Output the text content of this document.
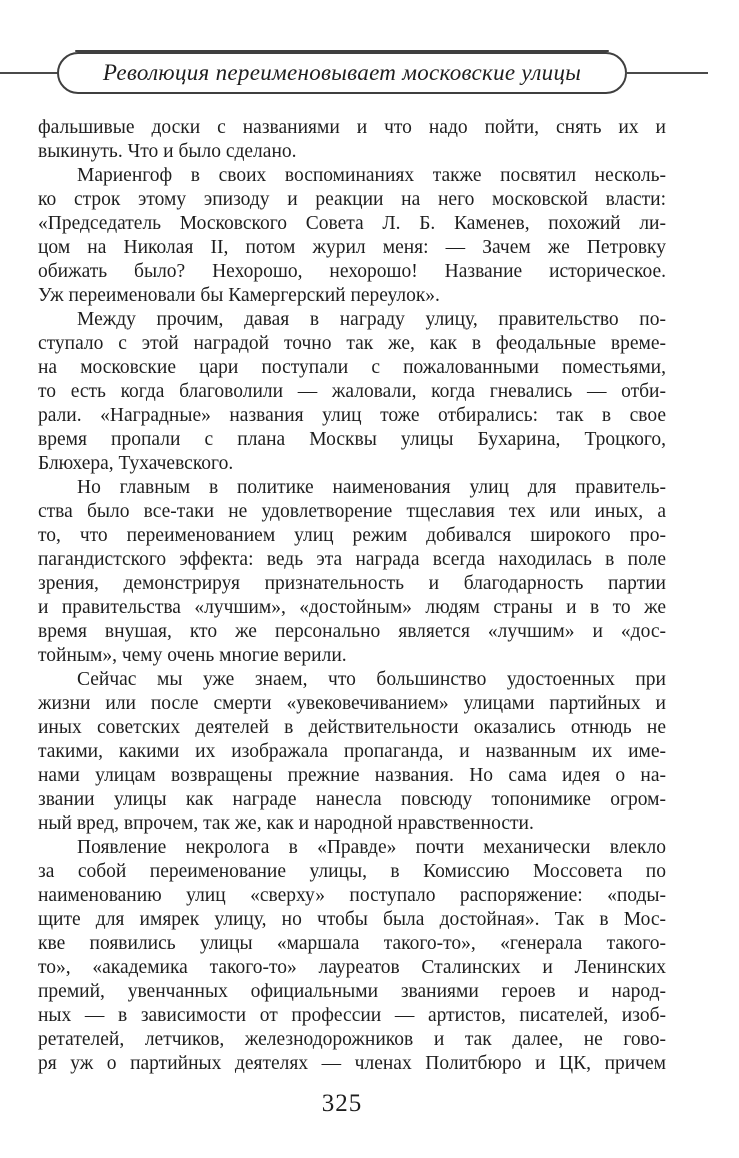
Революция переименовывает московские улицы
фальшивые доски с названиями и что надо пойти, снять их и
выкинуть. Что и было сделано.
Мариенгоф в своих воспоминаниях также посвятил несколь-
ко строк этому эпизоду и реакции на него московской власти:
«Председатель Московского Совета Л. Б. Каменев, похожий ли-
цом на Николая II, потом журил меня: — Зачем же Петровку
обижать было? Нехорошо, нехорошо! Название историческое.
Уж переименовали бы Камергерский переулок».
Между прочим, давая в награду улицу, правительство по-
ступало с этой наградой точно так же, как в феодальные време-
на московские цари поступали с пожалованными поместьями,
то есть когда благоволили — жаловали, когда гневались — отби-
рали. «Наградные» названия улиц тоже отбирались: так в свое
время пропали с плана Москвы улицы Бухарина, Троцкого,
Блюхера, Тухачевского.
Но главным в политике наименования улиц для правитель-
ства было все-таки не удовлетворение тщеславия тех или иных, а
то, что переименованием улиц режим добивался широкого про-
пагандистского эффекта: ведь эта награда всегда находилась в поле
зрения, демонстрируя признательность и благодарность партии
и правительства «лучшим», «достойным» людям страны и в то же
время внушая, кто же персонально является «лучшим» и «дос-
тойным», чему очень многие верили.
Сейчас мы уже знаем, что большинство удостоенных при
жизни или после смерти «увековечиванием» улицами партийных и
иных советских деятелей в действительности оказались отнюдь не
такими, какими их изображала пропаганда, и названным их име-
нами улицам возвращены прежние названия. Но сама идея о на-
звании улицы как награде нанесла повсюду топонимике огром-
ный вред, впрочем, так же, как и народной нравственности.
Появление некролога в «Правде» почти механически влекло
за собой переименование улицы, в Комиссию Моссовета по
наименованию улиц «сверху» поступало распоряжение: «поды-
щите для имярек улицу, но чтобы была достойная». Так в Мос-
кве появились улицы «маршала такого-то», «генерала такого-
то», «академика такого-то» лауреатов Сталинских и Ленинских
премий, увенчанных официальными званиями героев и народ-
ных — в зависимости от профессии — артистов, писателей, изоб-
ретателей, летчиков, железнодорожников и так далее, не гово-
ря уж о партийных деятелях — членах Политбюро и ЦК, причем
325
